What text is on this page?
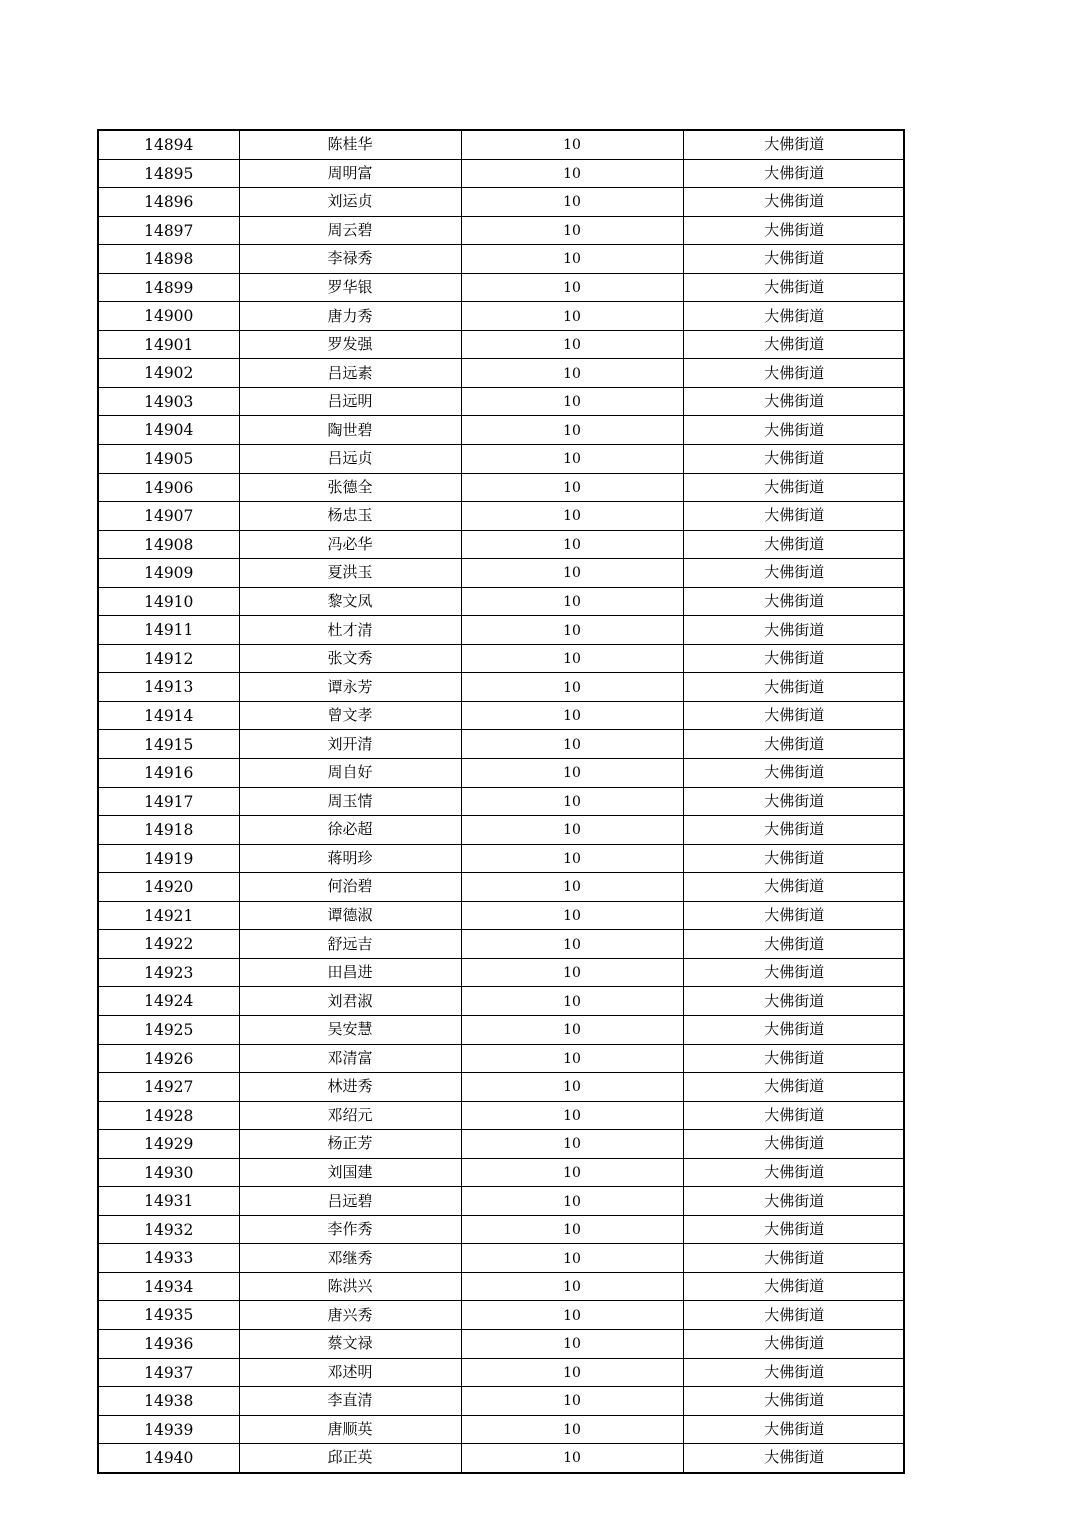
14894	陈桂华	10	大佛街道
14895	周明富	10	大佛街道
14896	刘运贞	10	大佛街道
14897	周云碧	10	大佛街道
14898	李禄秀	10	大佛街道
14899	罗华银	10	大佛街道
14900	唐力秀	10	大佛街道
14901	罗发强	10	大佛街道
14902	吕远素	10	大佛街道
14903	吕远明	10	大佛街道
14904	陶世碧	10	大佛街道
14905	吕远贞	10	大佛街道
14906	张德全	10	大佛街道
14907	杨忠玉	10	大佛街道
14908	冯必华	10	大佛街道
14909	夏洪玉	10	大佛街道
14910	黎文凤	10	大佛街道
14911	杜才清	10	大佛街道
14912	张文秀	10	大佛街道
14913	谭永芳	10	大佛街道
14914	曾文孝	10	大佛街道
14915	刘开清	10	大佛街道
14916	周自好	10	大佛街道
14917	周玉情	10	大佛街道
14918	徐必超	10	大佛街道
14919	蒋明珍	10	大佛街道
14920	何治碧	10	大佛街道
14921	谭德淑	10	大佛街道
14922	舒远吉	10	大佛街道
14923	田昌进	10	大佛街道
14924	刘君淑	10	大佛街道
14925	吴安慧	10	大佛街道
14926	邓清富	10	大佛街道
14927	林进秀	10	大佛街道
14928	邓绍元	10	大佛街道
14929	杨正芳	10	大佛街道
14930	刘国建	10	大佛街道
14931	吕远碧	10	大佛街道
14932	李作秀	10	大佛街道
14933	邓继秀	10	大佛街道
14934	陈洪兴	10	大佛街道
14935	唐兴秀	10	大佛街道
14936	蔡文禄	10	大佛街道
14937	邓述明	10	大佛街道
14938	李直清	10	大佛街道
14939	唐顺英	10	大佛街道
14940	邱正英	10	大佛街道
